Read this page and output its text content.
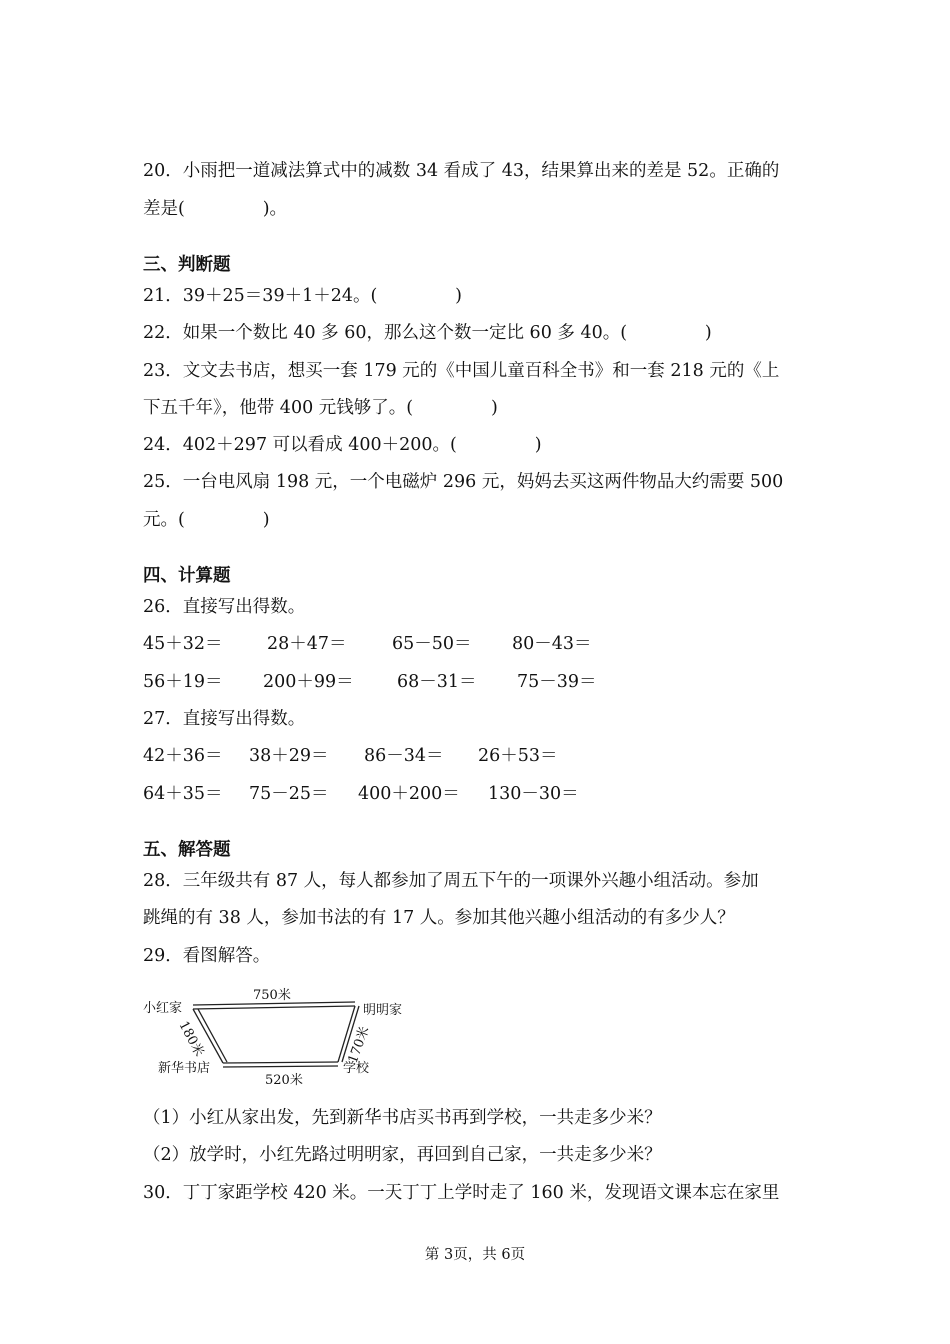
20．小雨把一道减法算式中的减数 34 看成了 43，结果算出来的差是 52。正确的
差是(              )。
三、判断题
21．39＋25＝39＋1＋24。(              )
22．如果一个数比 40 多 60，那么这个数一定比 60 多 40。(              )
23．文文去书店，想买一套 179 元的《中国儿童百科全书》和一套 218 元的《上
下五千年》，他带 400 元钱够了。(              )
24．402＋297 可以看成 400＋200。(              )
25．一台电风扇 198 元，一个电磁炉 296 元，妈妈去买这两件物品大约需要 500
元。(              )
四、计算题
26．直接写出得数。
45＋32＝	28＋47＝	65－50＝ 80－43＝
56＋19＝ 200＋99＝ 68－31＝ 75－39＝
27．直接写出得数。
42＋36＝ 38＋29＝ 86－34＝ 26＋53＝
64＋35＝ 75－25＝ 400＋200＝ 130－30＝
五、解答题
28．三年级共有 87 人，每人都参加了周五下午的一项课外兴趣小组活动。参加
跳绳的有 38 人，参加书法的有 17 人。参加其他兴趣小组活动的有多少人？
29．看图解答。
小红家	明明家
新华书店	学校
750米
520米
180米	170米
（1）小红从家出发，先到新华书店买书再到学校，一共走多少米？
（2）放学时，小红先路过明明家，再回到自己家，一共走多少米？
30．丁丁家距学校 420 米。一天丁丁上学时走了 160 米，发现语文课本忘在家里
第 3页，共 6页
